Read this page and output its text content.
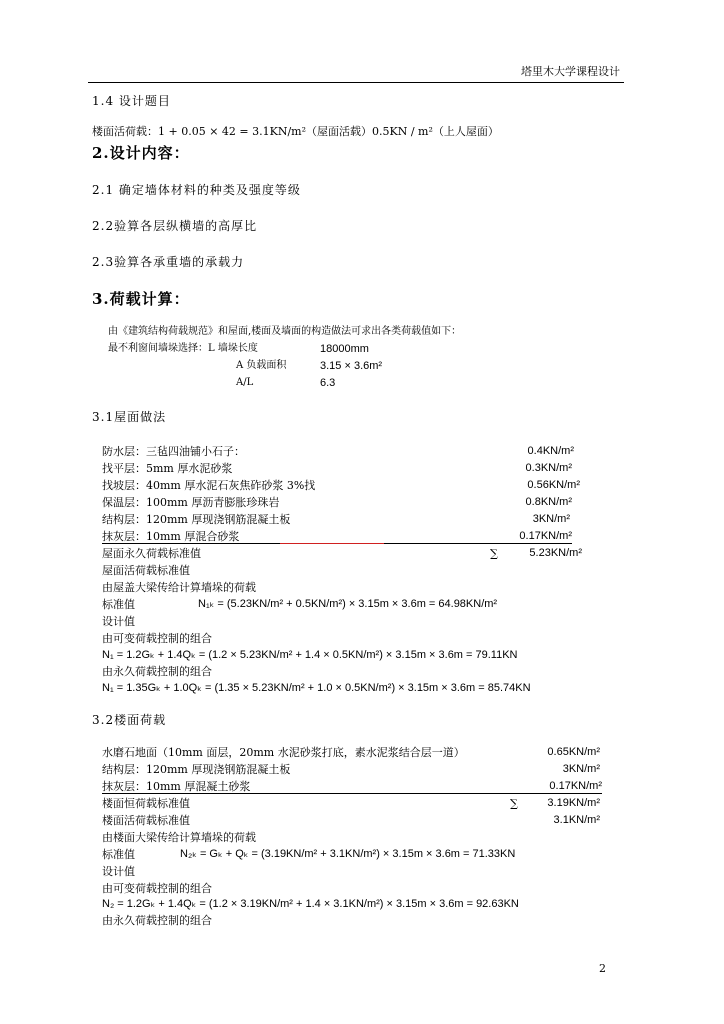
塔里木大学课程设计
1.4 设计题目
楼面活荷载：1 + 0.05 × 42 = 3.1KN/m²（屋面活载）0.5KN / m²（上人屋面）
2.设计内容：
2.1 确定墙体材料的种类及强度等级
2.2验算各层纵横墙的高厚比
2.3验算各承重墙的承载力
3.荷载计算：
由《建筑结构荷载规范》和屋面,楼面及墙面的构造做法可求出各类荷载值如下：
最不利窗间墙垛选择：L 墙垛长度	18000mm
A 负载面积	3.15 × 3.6m²
A/L	6.3
3.1屋面做法
防水层：三毡四油铺小石子：	0.4KN/m²
找平层：5mm 厚水泥砂浆	0.3KN/m²
找坡层：40mm 厚水泥石灰焦砟砂浆 3%找	0.56KN/m²
保温层：100mm 厚沥青膨胀珍珠岩	0.8KN/m²
结构层：120mm 厚现浇钢筋混凝土板	3KN/m²
抹灰层：10mm 厚混合砂浆	0.17KN/m²
屋面永久荷载标准值	∑	5.23KN/m²
屋面活荷载标准值
由屋盖大梁传给计算墙垛的荷载
标准值	N₁ₖ = (5.23KN/m² + 0.5KN/m²) × 3.15m × 3.6m = 64.98KN/m²
设计值
由可变荷载控制的组合
N₁ = 1.2Gₖ + 1.4Qₖ = (1.2 × 5.23KN/m² + 1.4 × 0.5KN/m²) × 3.15m × 3.6m = 79.11KN
由永久荷载控制的组合
N₁ = 1.35Gₖ + 1.0Qₖ = (1.35 × 5.23KN/m² + 1.0 × 0.5KN/m²) × 3.15m × 3.6m = 85.74KN
3.2楼面荷载
水磨石地面（10mm 面层，20mm 水泥砂浆打底，素水泥浆结合层一道）	0.65KN/m²
结构层：120mm 厚现浇钢筋混凝土板	3KN/m²
抹灰层：10mm 厚混凝土砂浆	0.17KN/m²
楼面恒荷载标准值	∑	3.19KN/m²
楼面活荷载标准值	3.1KN/m²
由楼面大梁传给计算墙垛的荷载
标准值	N₂ₖ = Gₖ + Qₖ = (3.19KN/m² + 3.1KN/m²) × 3.15m × 3.6m = 71.33KN
设计值
由可变荷载控制的组合
N₂ = 1.2Gₖ + 1.4Qₖ = (1.2 × 3.19KN/m² + 1.4 × 3.1KN/m²) × 3.15m × 3.6m = 92.63KN
由永久荷载控制的组合
2
